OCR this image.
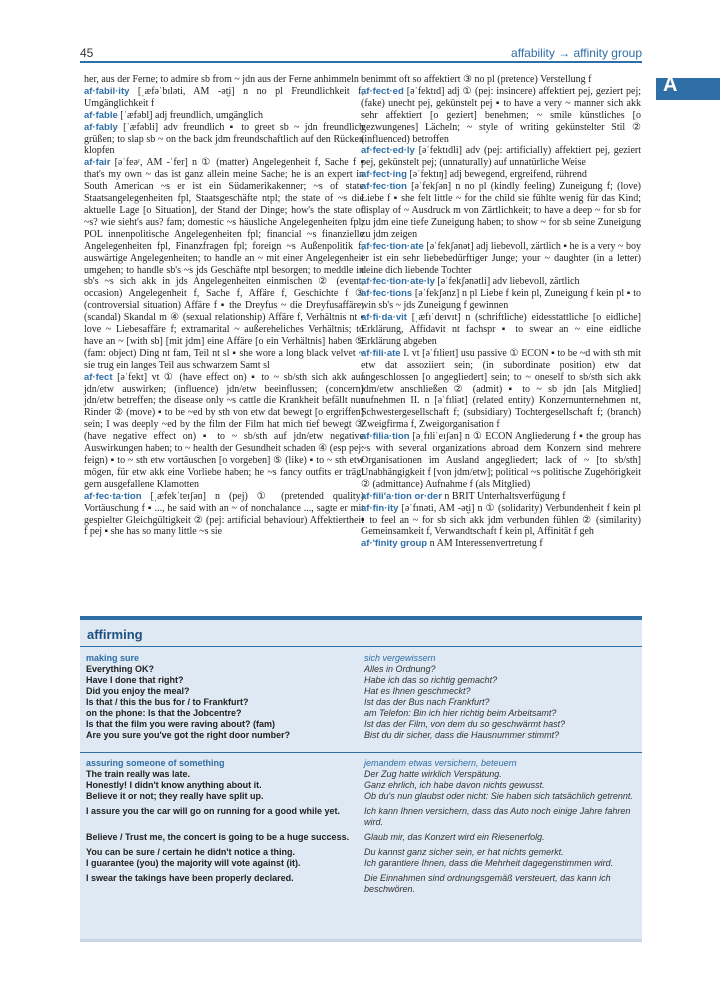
45	affability → affinity group
A

her, aus der Ferne; to admire sb from ~ jdn aus der Ferne anhimmeln

af·fabil·ity [ˌæfəˈbɪləti, AM -ət̬i] n no pl Freundlichkeit f, Umgänglichkeit f

af·fable [ˈæfəbl̩] adj freundlich, umgänglich

af·fably [ˈæfəbli] adv freundlich ▪ to greet sb ~ jdn freundlich grüßen; to slap sb ~ on the back jdm freundschaftlich auf den Rücken klopfen

af·fair [əˈfeəʳ, AM -ˈfer] n ① (matter) Angelegenheit f, Sache f ▪ that's my own ~ das ist ganz allein meine Sache; he is an expert in South American ~s er ist ein Südamerikakenner; ~s of state Staatsangelegenheiten fpl, Staatsgeschäfte ntpl; the state of ~s die aktuelle Lage [o Situation], der Stand der Dinge; how's the state of ~s? wie sieht's aus? fam; domestic ~s häusliche Angelegenheiten fpl; POL innenpolitische Angelegenheiten fpl; financial ~s finanzielle Angelegenheiten fpl, Finanzfragen fpl; foreign ~s Außenpolitik f, auswärtige Angelegenheiten; to handle an ~ mit einer Angelegenheit umgehen; to handle sb's ~s jds Geschäfte ntpl besorgen; to meddle in sb's ~s sich akk in jds Angelegenheiten einmischen ② (event, occasion) Angelegenheit f, Sache f, Affäre f, Geschichte f ③ (controversial situation) Affäre f ▪ the Dreyfus ~ die Dreyfusaffäre; (scandal) Skandal m ④ (sexual relationship) Affäre f, Verhältnis nt ▪ love ~ Liebesaffäre f; extramarital ~ außereheliches Verhältnis; to have an ~ [with sb] [mit jdm] eine Affäre [o ein Verhältnis] haben ⑤ (fam: object) Ding nt fam, Teil nt sl ▪ she wore a long black velvet ~ sie trug ein langes Teil aus schwarzem Samt sl

af·fect [əˈfekt] vt ① (have effect on) ▪ to ~ sb/sth sich akk auf jdn/etw auswirken; (influence) jdn/etw beeinflussen; (concern) jdn/etw betreffen; the disease only ~s cattle die Krankheit befällt nur Rinder ② (move) ▪ to be ~ed by sth von etw dat bewegt [o ergriffen] sein; I was deeply ~ed by the film der Film hat mich tief bewegt ③ (have negative effect on) ▪ to ~ sb/sth auf jdn/etw negative Auswirkungen haben; to ~ health der Gesundheit schaden ④ (esp pej: feign) ▪ to ~ sth etw vortäuschen [o vorgeben] ⑤ (like) ▪ to ~ sth etw mögen, für etw akk eine Vorliebe haben; he ~s fancy outfits er trägt gern ausgefallene Klamotten

af·fec·ta·tion [ˌæfekˈteɪʃən] n (pej) ① (pretended quality) Vortäuschung f ▪ ..., he said with an ~ of nonchalance ..., sagte er mit gespielter Gleichgültigkeit ② (pej: artificial behaviour) Affektiertheit f pej ▪ she has so many little ~s sie

benimmt oft so affektiert ③ no pl (pretence) Verstellung f

af·fect·ed [əˈfektɪd] adj ① (pej: insincere) affektiert pej, geziert pej; (fake) unecht pej, gekünstelt pej ▪ to have a very ~ manner sich akk sehr affektiert [o geziert] benehmen; ~ smile künstliches [o gezwungenes] Lächeln; ~ style of writing gekünstelter Stil ② (influenced) betroffen

af·fect·ed·ly [əˈfektɪdli] adv (pej: artificially) affektiert pej, geziert pej, gekünstelt pej; (unnaturally) auf unnatürliche Weise

af·fect·ing [əˈfektɪŋ] adj bewegend, ergreifend, rührend

af·fec·tion [əˈfekʃən] n no pl (kindly feeling) Zuneigung f; (love) Liebe f ▪ she felt little ~ for the child sie fühlte wenig für das Kind; display of ~ Ausdruck m von Zärtlichkeit; to have a deep ~ for sb for zu jdm eine tiefe Zuneigung haben; to show ~ for sb seine Zuneigung zu jdm zeigen

af·fec·tion·ate [əˈfekʃənət] adj liebevoll, zärtlich ▪ he is a very ~ boy er ist ein sehr liebebedürftiger Junge; your ~ daughter (in a letter) deine dich liebende Tochter

af·fec·tion·ate·ly [əˈfekʃənətli] adv liebevoll, zärtlich

af·fec·tions [əˈfekʃənz] n pl Liebe f kein pl, Zuneigung f kein pl ▪ to win sb's ~ jds Zuneigung f gewinnen

af·fi·da·vit [ˌæfɪˈdeɪvɪt] n (schriftliche) eidesstattliche [o eidliche] Erklärung, Affidavit nt fachspr ▪ to swear an ~ eine eidliche Erklärung abgeben

af·fili·ate I. vt [əˈfɪlieɪt] usu passive ① ECON ▪ to be ~d with sth mit etw dat assoziiert sein; (in subordinate position) etw dat angeschlossen [o angegliedert] sein; to ~ oneself to sb/sth sich akk jdm/etw anschließen ② (admit) ▪ to ~ sb jdn [als Mitglied] aufnehmen II. n [əˈfɪliət] (related entity) Konzernunternehmen nt, Schwestergesellschaft f; (subsidiary) Tochtergesellschaft f; (branch) Zweigfirma f, Zweigorganisation f

af·filia·tion [əˌfɪliˈeɪʃən] n ① ECON Angliederung f ▪ the group has ~s with several organizations abroad dem Konzern sind mehrere Organisationen im Ausland angegliedert; lack of ~ [to sb/sth] Unabhängigkeit f [von jdm/etw]; political ~s politische Zugehörigkeit ② (admittance) Aufnahme f (als Mitglied)

af·fili'a·tion or·der n BRIT Unterhaltsverfügung f

af·fin·ity [əˈfɪnəti, AM -ət̬i] n ① (solidarity) Verbundenheit f kein pl ▪ to feel an ~ for sb sich akk jdm verbunden fühlen ② (similarity) Gemeinsamkeit f, Verwandtschaft f kein pl, Affinität f geh

af·'finity group n AM Interessenvertretung f

affirming
making sure	sich vergewissern
Everything OK?	Alles in Ordnung?
Have I done that right?	Habe ich das so richtig gemacht?
Did you enjoy the meal?	Hat es Ihnen geschmeckt?
Is that / this the bus for / to Frankfurt?	Ist das der Bus nach Frankfurt?
on the phone: Is that the Jobcentre?	am Telefon: Bin ich hier richtig beim Arbeitsamt?
Is that the film you were raving about? (fam)	Ist das der Film, von dem du so geschwärmt hast?
Are you sure you've got the right door number?	Bist du dir sicher, dass die Hausnummer stimmt?
assuring someone of something	jemandem etwas versichern, beteuern
The train really was late.	Der Zug hatte wirklich Verspätung.
Honestly! I didn't know anything about it.	Ganz ehrlich, ich habe davon nichts gewusst.
Believe it or not; they really have split up.	Ob du's nun glaubst oder nicht: Sie haben sich tatsächlich getrennt.
I assure you the car will go on running for a good while yet.	Ich kann Ihnen versichern, dass das Auto noch einige Jahre fahren wird.
Believe / Trust me, the concert is going to be a huge success.	Glaub mir, das Konzert wird ein Riesenerfolg.
You can be sure / certain he didn't notice a thing.	Du kannst ganz sicher sein, er hat nichts gemerkt.
I guarantee (you) the majority will vote against (it).	Ich garantiere Ihnen, dass die Mehrheit dagegenstimmen wird.
I swear the takings have been properly declared.	Die Einnahmen sind ordnungsgemäß versteuert, das kann ich beschwören.
